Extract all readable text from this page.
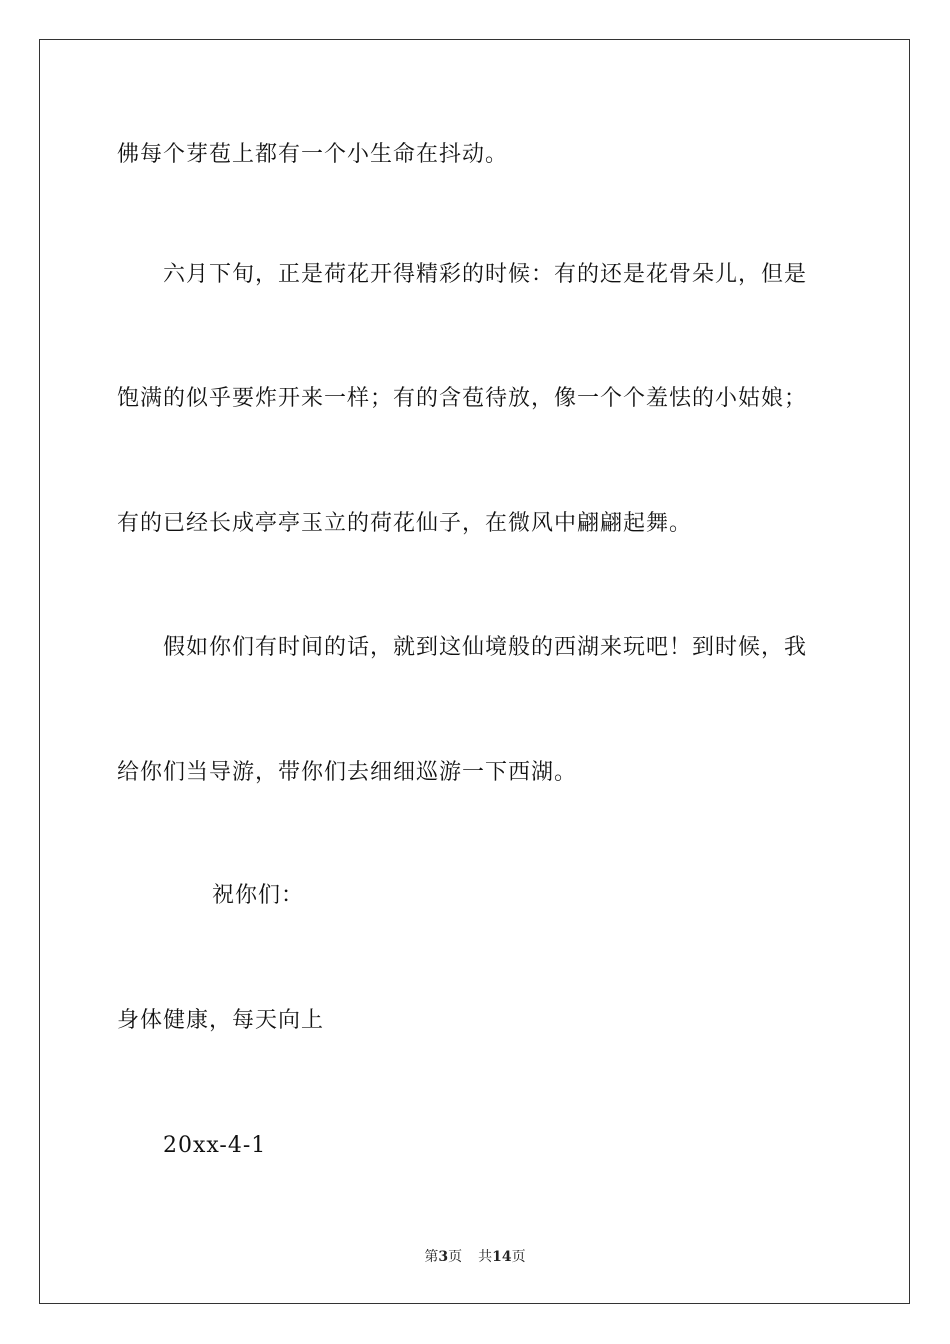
佛每个芽苞上都有一个小生命在抖动。
六月下旬，正是荷花开得精彩的时候：有的还是花骨朵儿，但是
饱满的似乎要炸开来一样；有的含苞待放，像一个个羞怯的小姑娘；
有的已经长成亭亭玉立的荷花仙子，在微风中翩翩起舞。
假如你们有时间的话，就到这仙境般的西湖来玩吧！到时候，我
给你们当导游，带你们去细细巡游一下西湖。
祝你们：
身体健康，每天向上
20xx-4-1
第3页 共14页
